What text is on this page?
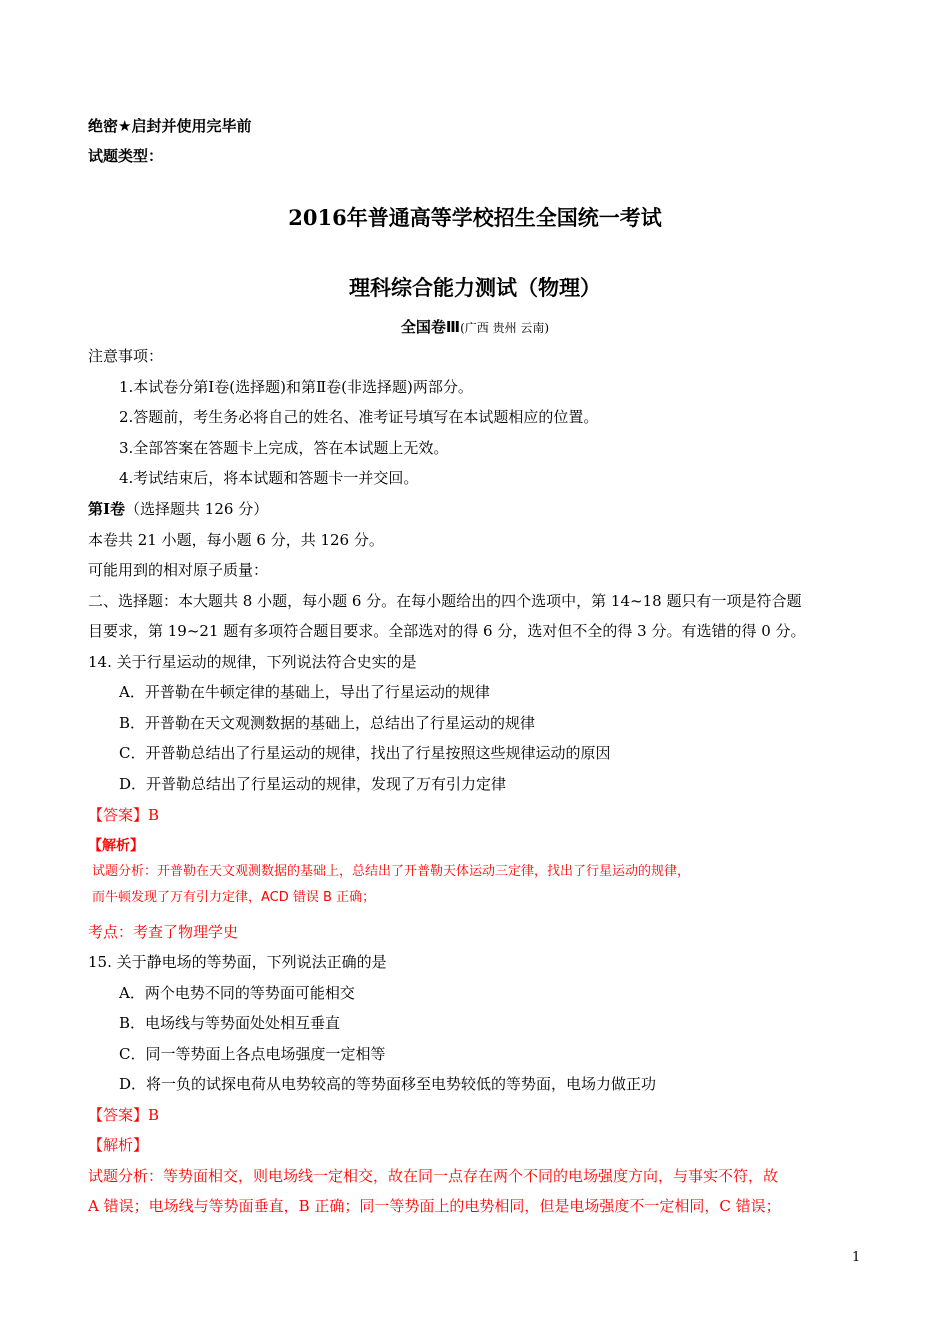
绝密★启封并使用完毕前
试题类型：
2016年普通高等学校招生全国统一考试
理科综合能力测试（物理）
全国卷Ⅲ(广西 贵州 云南)
注意事项：
1.本试卷分第Ⅰ卷(选择题)和第Ⅱ卷(非选择题)两部分。
2.答题前，考生务必将自己的姓名、准考证号填写在本试题相应的位置。
3.全部答案在答题卡上完成，答在本试题上无效。
4.考试结束后，将本试题和答题卡一并交回。
第Ⅰ卷（选择题共 126 分）
本卷共 21 小题，每小题 6 分，共 126 分。
可能用到的相对原子质量：
二、选择题：本大题共 8 小题，每小题 6 分。在每小题给出的四个选项中，第 14~18 题只有一项是符合题
目要求，第 19~21 题有多项符合题目要求。全部选对的得 6 分，选对但不全的得 3 分。有选错的得 0 分。
14. 关于行星运动的规律，下列说法符合史实的是
A．开普勒在牛顿定律的基础上，导出了行星运动的规律
B．开普勒在天文观测数据的基础上，总结出了行星运动的规律
C．开普勒总结出了行星运动的规律，找出了行星按照这些规律运动的原因
D．开普勒总结出了行星运动的规律，发现了万有引力定律
【答案】B
【解析】
试题分析：开普勒在天文观测数据的基础上，总结出了开普勒天体运动三定律，找出了行星运动的规律，
而牛顿发现了万有引力定律，ACD 错误 B 正确；
考点：考查了物理学史
15. 关于静电场的等势面，下列说法正确的是
A．两个电势不同的等势面可能相交
B．电场线与等势面处处相互垂直
C．同一等势面上各点电场强度一定相等
D．将一负的试探电荷从电势较高的等势面移至电势较低的等势面，电场力做正功
【答案】B
【解析】
试题分析：等势面相交，则电场线一定相交，故在同一点存在两个不同的电场强度方向，与事实不符，故
A 错误；电场线与等势面垂直，B 正确；同一等势面上的电势相同，但是电场强度不一定相同，C 错误；
1
